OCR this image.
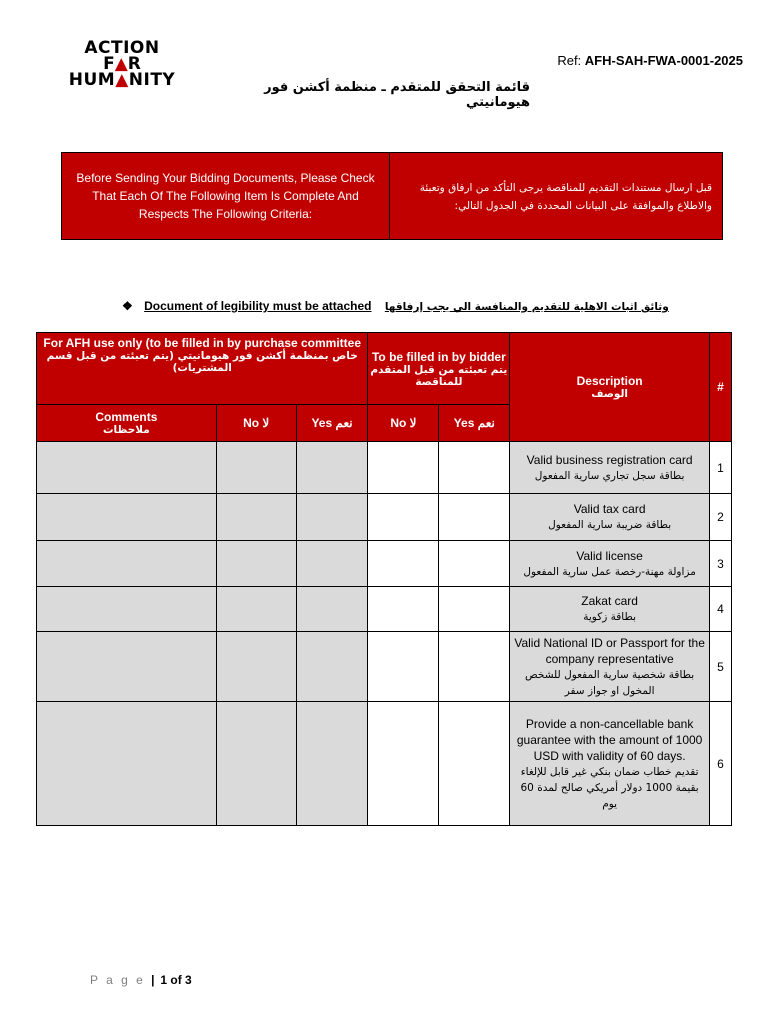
ACTION
F▲R
HUM▲NITY
Ref: AFH-SAH-FWA-0001-2025
قائمة التحقق للمتقدم ـ منظمة أكشن فور هيومانيتي
Before Sending Your Bidding Documents, Please Check That Each Of The Following Item Is Complete And Respects The Following Criteria:
قبل ارسال مستندات التقديم للمناقصة يرجى التأكد من ارفاق وتعبئة والاطلاع والموافقة على البيانات المحددة في الجدول التالي:
❖ Document of legibility must be attached وثائق اثبات الاهلية للتقديم والمنافسة الي يجب إرفاقها
For AFH use only (to be filled in by purchase committee
خاص بمنظمة أكشن فور هيومانيتي (يتم تعبئته من قبل قسم المشتريات)			To be filled in by bidder
يتم تعبئته من قبل المتقدم للمناقصة		Description
الوصف	#
Comments
ملاحظات	No لا	Yes نعم	No لا	Yes نعم		
					Valid business registration card
بطاقة سجل تجاري سارية المفعول	1
					Valid tax card
بطاقة ضريبة سارية المفعول	2
					Valid license
مزاولة مهنة-رخصة عمل سارية المفعول	3
					Zakat card
بطاقة زكوية	4
					Valid National ID or Passport for the company representative
بطاقة شخصية سارية المفعول للشخص المخول او جواز سفر	5
					Provide a non-cancellable bank guarantee with the amount of 1000 USD with validity of 60 days.
تقديم خطاب ضمان بنكي غير قابل للإلغاء بقيمة 1000 دولار أمريكي صالح لمدة 60 يوم	6
P a g e | 1 of 3
